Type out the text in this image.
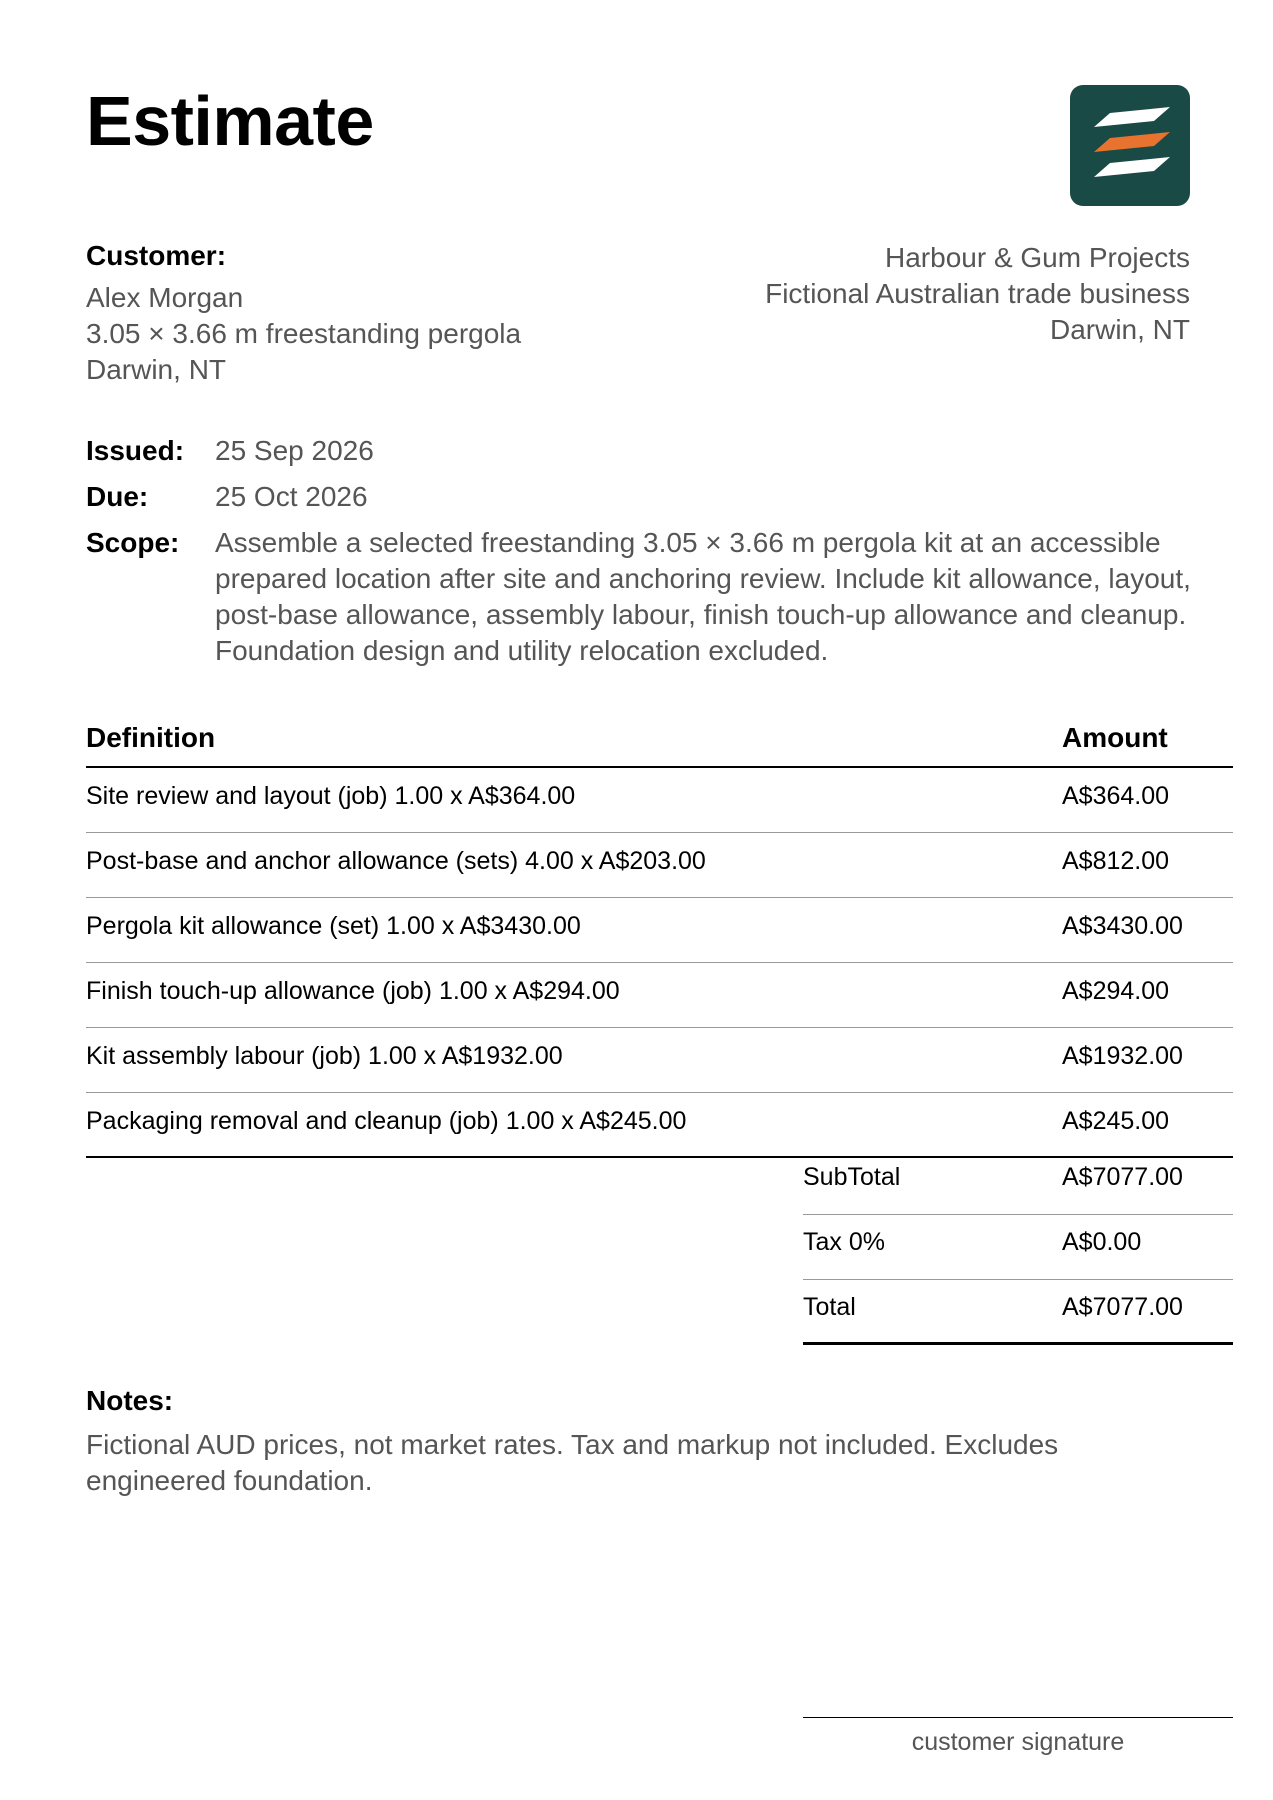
Estimate
Customer:
Alex Morgan
3.05 × 3.66 m freestanding pergola
Darwin, NT
Harbour & Gum Projects
Fictional Australian trade business
Darwin, NT
Issued:	25 Sep 2026
Due:	25 Oct 2026
Scope:	Assemble a selected freestanding 3.05 × 3.66 m pergola kit at an accessible prepared location after site and anchoring review. Include kit allowance, layout, post-base allowance, assembly labour, finish touch-up allowance and cleanup. Foundation design and utility relocation excluded.
Definition	Amount
Site review and layout (job) 1.00 x A$364.00	A$364.00
Post-base and anchor allowance (sets) 4.00 x A$203.00	A$812.00
Pergola kit allowance (set) 1.00 x A$3430.00	A$3430.00
Finish touch-up allowance (job) 1.00 x A$294.00	A$294.00
Kit assembly labour (job) 1.00 x A$1932.00	A$1932.00
Packaging removal and cleanup (job) 1.00 x A$245.00	A$245.00
SubTotal	A$7077.00
Tax 0%	A$0.00
Total	A$7077.00
Notes:
Fictional AUD prices, not market rates. Tax and markup not included. Excludes engineered foundation.
customer signature
